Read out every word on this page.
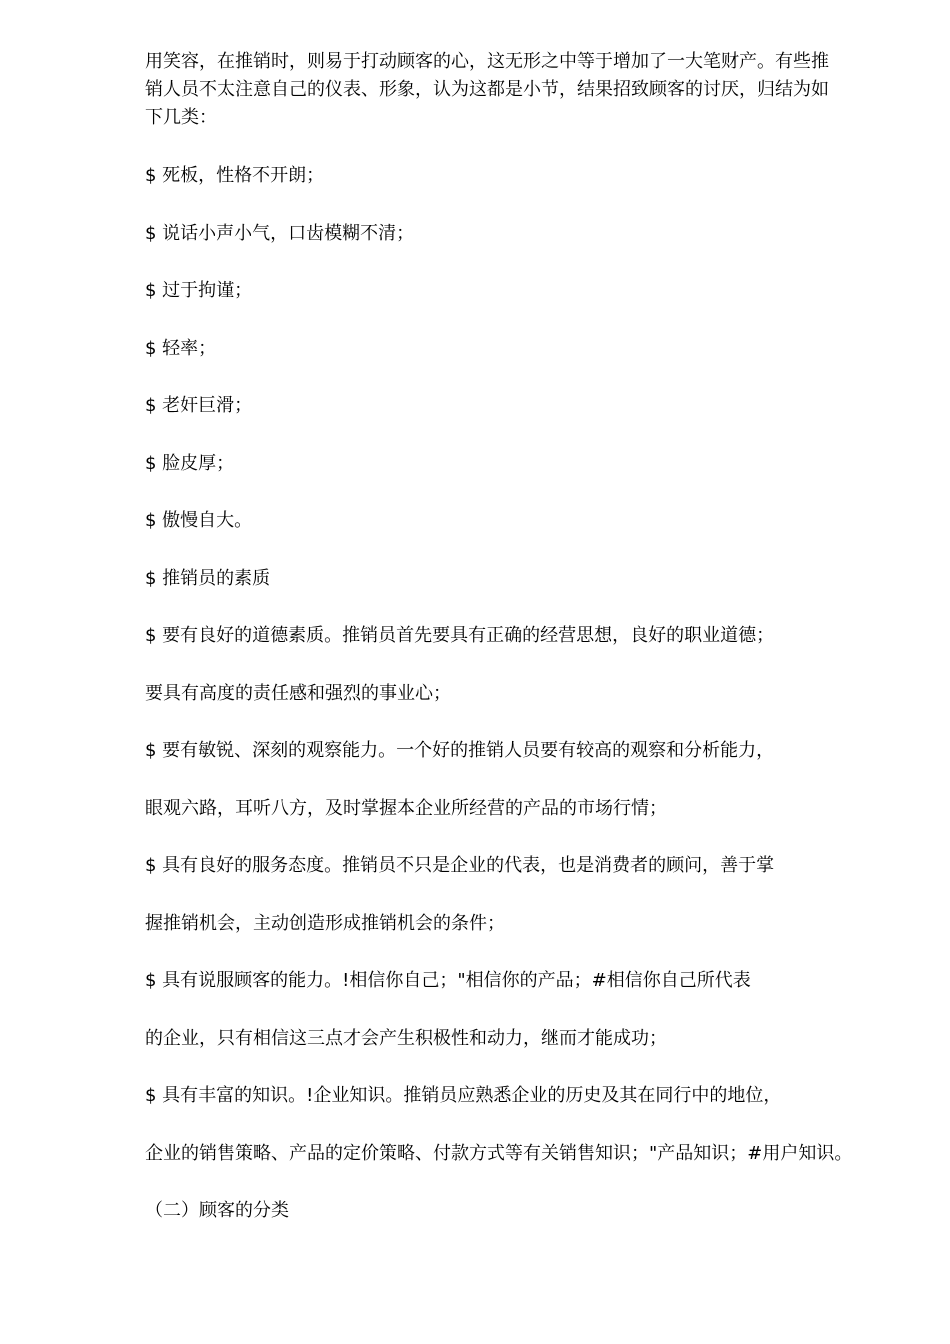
用笑容，在推销时，则易于打动顾客的心，这无形之中等于增加了一大笔财产。有些推
销人员不太注意自己的仪表、形象，认为这都是小节，结果招致顾客的讨厌，归结为如
下几类：
$ 死板，性格不开朗；
$ 说话小声小气，口齿模糊不清；
$ 过于拘谨；
$ 轻率；
$ 老奸巨滑；
$ 脸皮厚；
$ 傲慢自大。
$ 推销员的素质
$ 要有良好的道德素质。推销员首先要具有正确的经营思想，良好的职业道德；
要具有高度的责任感和强烈的事业心；
$ 要有敏锐、深刻的观察能力。一个好的推销人员要有较高的观察和分析能力，
眼观六路，耳听八方，及时掌握本企业所经营的产品的市场行情；
$ 具有良好的服务态度。推销员不只是企业的代表，也是消费者的顾问，善于掌
握推销机会，主动创造形成推销机会的条件；
$ 具有说服顾客的能力。!相信你自己；"相信你的产品；#相信你自己所代表
的企业，只有相信这三点才会产生积极性和动力，继而才能成功；
$ 具有丰富的知识。!企业知识。推销员应熟悉企业的历史及其在同行中的地位，
企业的销售策略、产品的定价策略、付款方式等有关销售知识；"产品知识；#用户知识。
（二）顾客的分类
